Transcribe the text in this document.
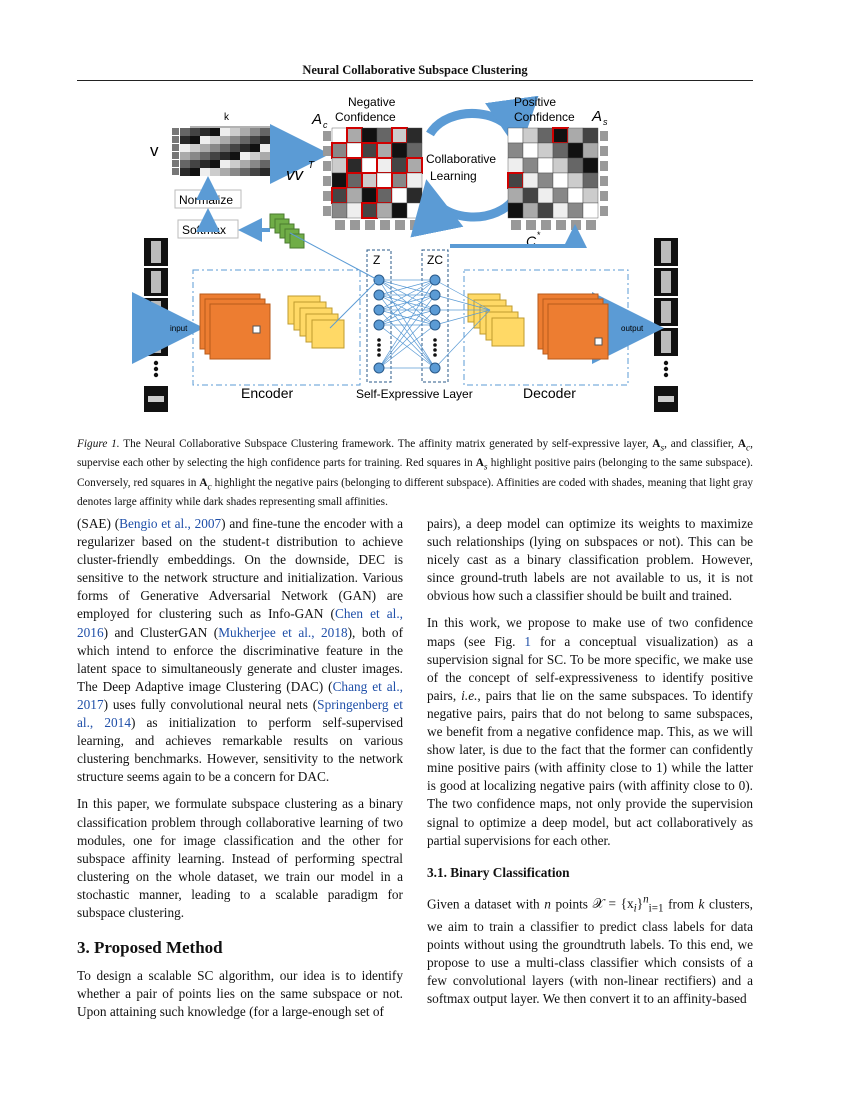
Neural Collaborative Subspace Clustering
k
v
Normalize
Softmax
vv T
A c
Negative
Confidence
Collaborative
Learning
Positive
Confidence A s
C *
Encoder	Decoder
input	output
Z	ZC
Self-Expressive Layer
Figure 1. The Neural Collaborative Subspace Clustering framework. The affinity matrix generated by self-expressive layer, $A_s$, and classifier, $A_c$, supervise each other by selecting the high confidence parts for training. Red squares in $A_s$ highlight positive pairs (belonging to the same subspace). Conversely, red squares in $A_c$ highlight the negative pairs (belonging to different subspace). Affinities are coded with shades, meaning that light gray denotes large affinity while dark shades representing small affinities.

(SAE) (Bengio et al., 2007) and fine-tune the encoder with a regularizer based on the student-t distribution to achieve cluster-friendly embeddings. On the downside, DEC is sensitive to the network structure and initialization. Various forms of Generative Adversarial Network (GAN) are employed for clustering such as Info-GAN (Chen et al., 2016) and ClusterGAN (Mukherjee et al., 2018), both of which intend to enforce the discriminative feature in the latent space to simultaneously generate and cluster images. The Deep Adaptive image Clustering (DAC) (Chang et al., 2017) uses fully convolutional neural nets (Springenberg et al., 2014) as initialization to perform self-supervised learning, and achieves remarkable results on various clustering benchmarks. However, sensitivity to the network structure seems again to be a concern for DAC.

In this paper, we formulate subspace clustering as a binary classification problem through collaborative learning of two modules, one for image classification and the other for subspace affinity learning. Instead of performing spectral clustering on the whole dataset, we train our model in a stochastic manner, leading to a scalable paradigm for subspace clustering.

3. Proposed Method

To design a scalable SC algorithm, our idea is to identify whether a pair of points lies on the same subspace or not. Upon attaining such knowledge (for a large-enough set of

pairs), a deep model can optimize its weights to maximize such relationships (lying on subspaces or not). This can be nicely cast as a binary classification problem. However, since ground-truth labels are not available to us, it is not obvious how such a classifier should be built and trained.

In this work, we propose to make use of two confidence maps (see Fig. 1 for a conceptual visualization) as a supervision signal for SC. To be more specific, we make use of the concept of self-expressiveness to identify positive pairs, i.e., pairs that lie on the same subspaces. To identify negative pairs, pairs that do not belong to same subspaces, we benefit from a negative confidence map. This, as we will show later, is due to the fact that the former can confidently mine positive pairs (with affinity close to 1) while the latter is good at localizing negative pairs (with affinity close to 0). The two confidence maps, not only provide the supervision signal to optimize a deep model, but act collaboratively as partial supervisions for each other.

3.1. Binary Classification

Given a dataset with n points 𝒳 = $\{x_i\}^n_{i=1}$ from k clusters, we aim to train a classifier to predict class labels for data points without using the groundtruth labels. To this end, we propose to use a multi-class classifier which consists of a few convolutional layers (with non-linear rectifiers) and a softmax output layer. We then convert it to an affinity-based
